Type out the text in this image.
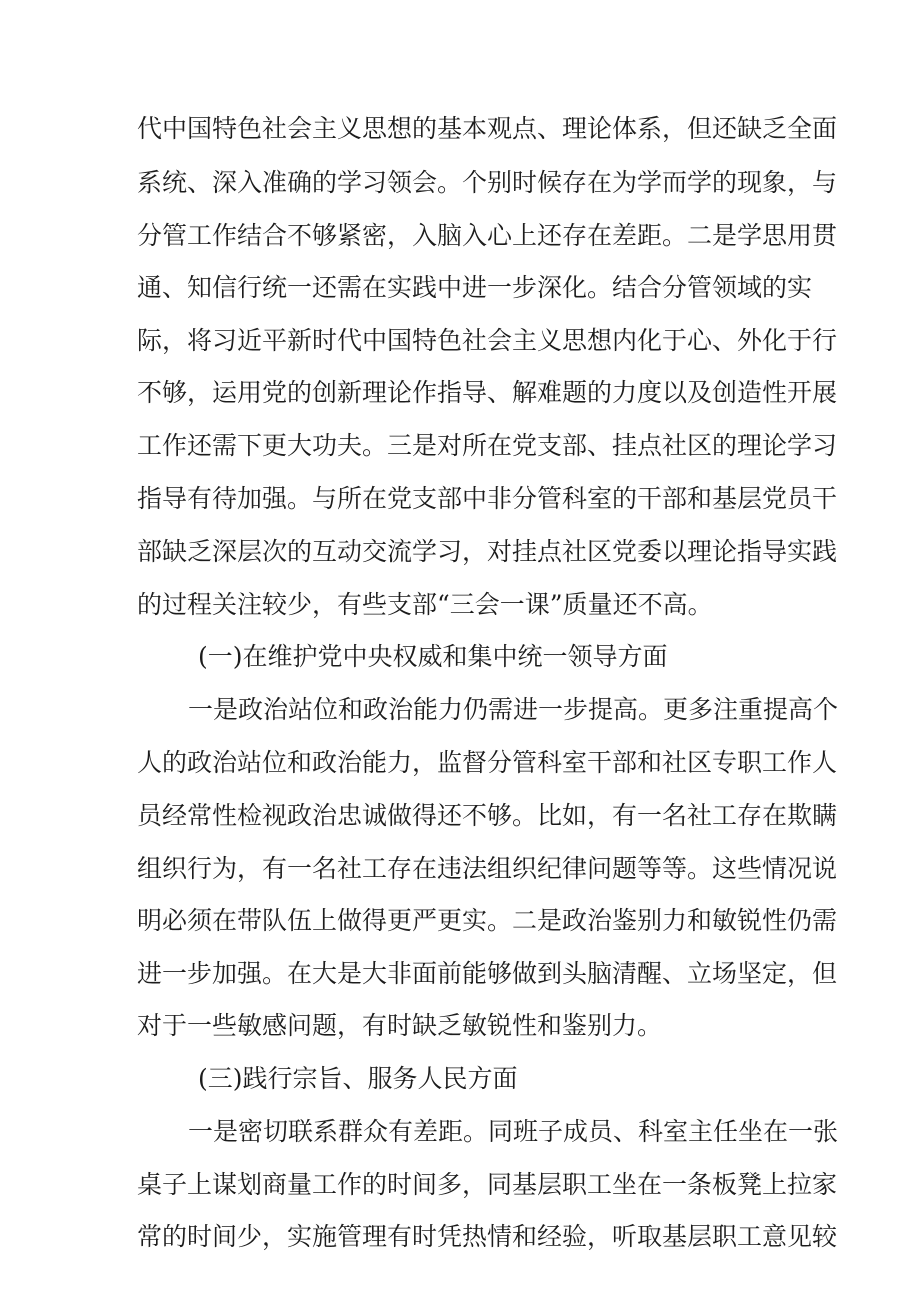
代中国特色社会主义思想的基本观点、理论体系，但还缺乏全面
系统、深入准确的学习领会。个别时候存在为学而学的现象，与
分管工作结合不够紧密，入脑入心上还存在差距。二是学思用贯
通、知信行统一还需在实践中进一步深化。结合分管领域的实
际，将习近平新时代中国特色社会主义思想内化于心、外化于行
不够，运用党的创新理论作指导、解难题的力度以及创造性开展
工作还需下更大功夫。三是对所在党支部、挂点社区的理论学习
指导有待加强。与所在党支部中非分管科室的干部和基层党员干
部缺乏深层次的互动交流学习，对挂点社区党委以理论指导实践
的过程关注较少，有些支部“三会一课”质量还不高。
(一)在维护党中央权威和集中统一领导方面
一是政治站位和政治能力仍需进一步提高。更多注重提高个
人的政治站位和政治能力，监督分管科室干部和社区专职工作人
员经常性检视政治忠诚做得还不够。比如，有一名社工存在欺瞒
组织行为，有一名社工存在违法组织纪律问题等等。这些情况说
明必须在带队伍上做得更严更实。二是政治鉴别力和敏锐性仍需
进一步加强。在大是大非面前能够做到头脑清醒、立场坚定，但
对于一些敏感问题，有时缺乏敏锐性和鉴别力。
(三)践行宗旨、服务人民方面
一是密切联系群众有差距。同班子成员、科室主任坐在一张
桌子上谋划商量工作的时间多，同基层职工坐在一条板凳上拉家
常的时间少，实施管理有时凭热情和经验，听取基层职工意见较
